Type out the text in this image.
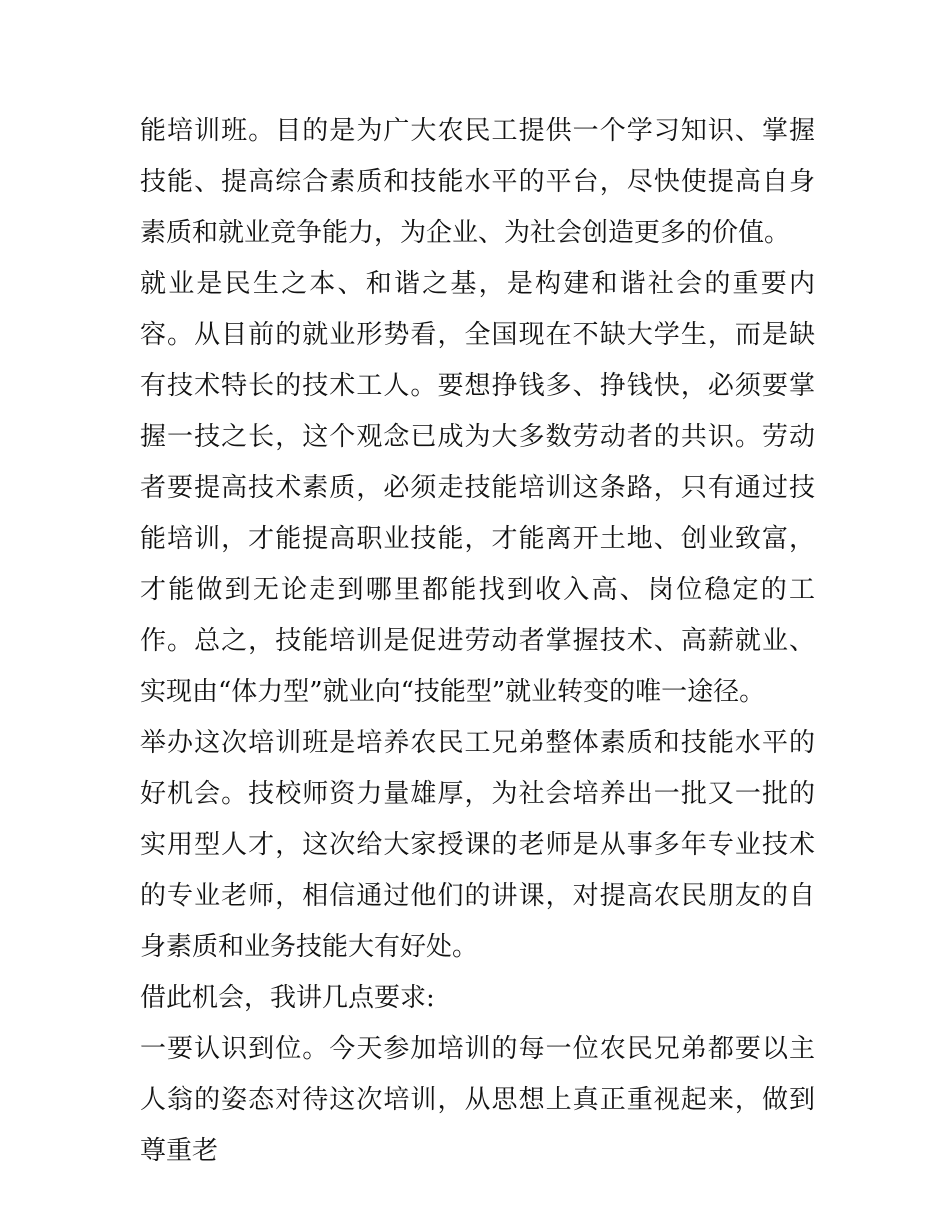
能培训班。目的是为广大农民工提供一个学习知识、掌握技能、提高综合素质和技能水平的平台，尽快使提高自身素质和就业竞争能力，为企业、为社会创造更多的价值。

就业是民生之本、和谐之基，是构建和谐社会的重要内容。从目前的就业形势看，全国现在不缺大学生，而是缺有技术特长的技术工人。要想挣钱多、挣钱快，必须要掌握一技之长，这个观念已成为大多数劳动者的共识。劳动者要提高技术素质，必须走技能培训这条路，只有通过技能培训，才能提高职业技能，才能离开土地、创业致富，才能做到无论走到哪里都能找到收入高、岗位稳定的工作。总之，技能培训是促进劳动者掌握技术、高薪就业、实现由“体力型”就业向“技能型”就业转变的唯一途径。

举办这次培训班是培养农民工兄弟整体素质和技能水平的好机会。技校师资力量雄厚，为社会培养出一批又一批的实用型人才，这次给大家授课的老师是从事多年专业技术的专业老师，相信通过他们的讲课，对提高农民朋友的自身素质和业务技能大有好处。

借此机会，我讲几点要求:

一要认识到位。今天参加培训的每一位农民兄弟都要以主人翁的姿态对待这次培训，从思想上真正重视起来，做到尊重老
